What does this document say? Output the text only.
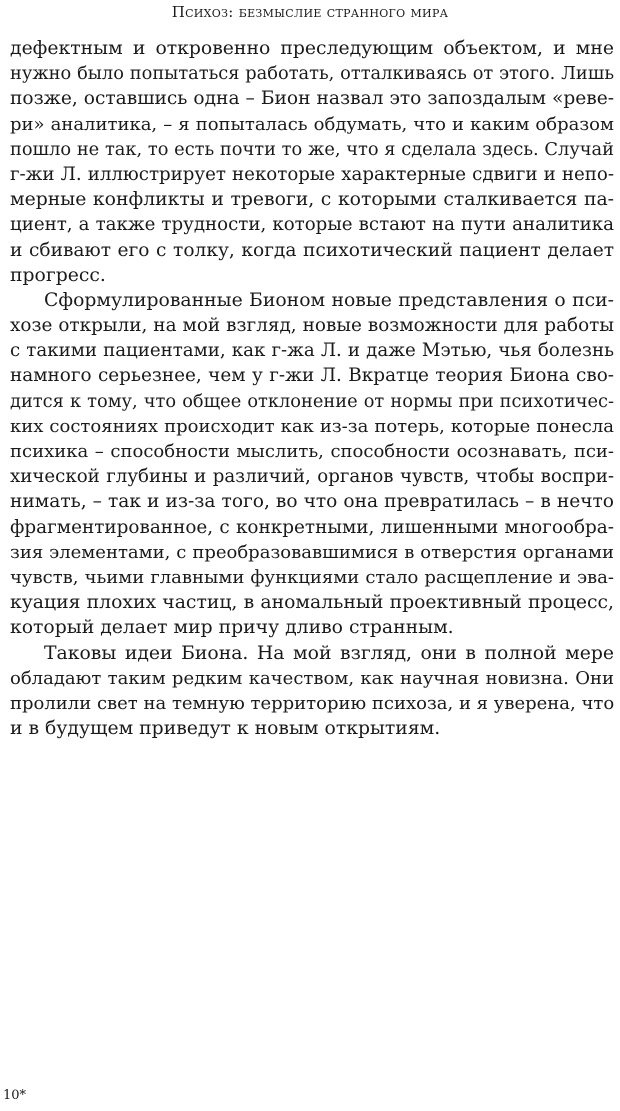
Психоз: безмыслие странного мира
дефектным и откровенно преследующим объектом, и мне
нужно было попытаться работать, отталкиваясь от этого. Лишь
позже, оставшись одна – Бион назвал это запоздалым «реве-
ри» аналитика, – я попыталась обдумать, что и каким образом
пошло не так, то есть почти то же, что я сделала здесь. Случай
г-жи Л. иллюстрирует некоторые характерные сдвиги и непо-
мерные конфликты и тревоги, с которыми сталкивается па-
циент, а также трудности, которые встают на пути аналитика
и сбивают его с толку, когда психотический пациент делает
прогресс.
Сформулированные Бионом новые представления о пси-
хозе открыли, на мой взгляд, новые возможности для работы
с такими пациентами, как г-жа Л. и даже Мэтью, чья болезнь
намного серьезнее, чем у г-жи Л. Вкратце теория Биона сво-
дится к тому, что общее отклонение от нормы при психотичес-
ких состояниях происходит как из-за потерь, которые понесла
психика – способности мыслить, способности осознавать, пси-
хической глубины и различий, органов чувств, чтобы воспри-
нимать, – так и из-за того, во что она превратилась – в нечто
фрагментированное, с конкретными, лишенными многообра-
зия элементами, с преобразовавшимися в отверстия органами
чувств, чьими главными функциями стало расщепление и эва-
куация плохих частиц, в аномальный проективный процесс,
который делает мир причу дливо странным.
Таковы идеи Биона. На мой взгляд, они в полной мере
обладают таким редким качеством, как научная новизна. Они
пролили свет на темную территорию психоза, и я уверена, что
и в будущем приведут к новым открытиям.
10*
